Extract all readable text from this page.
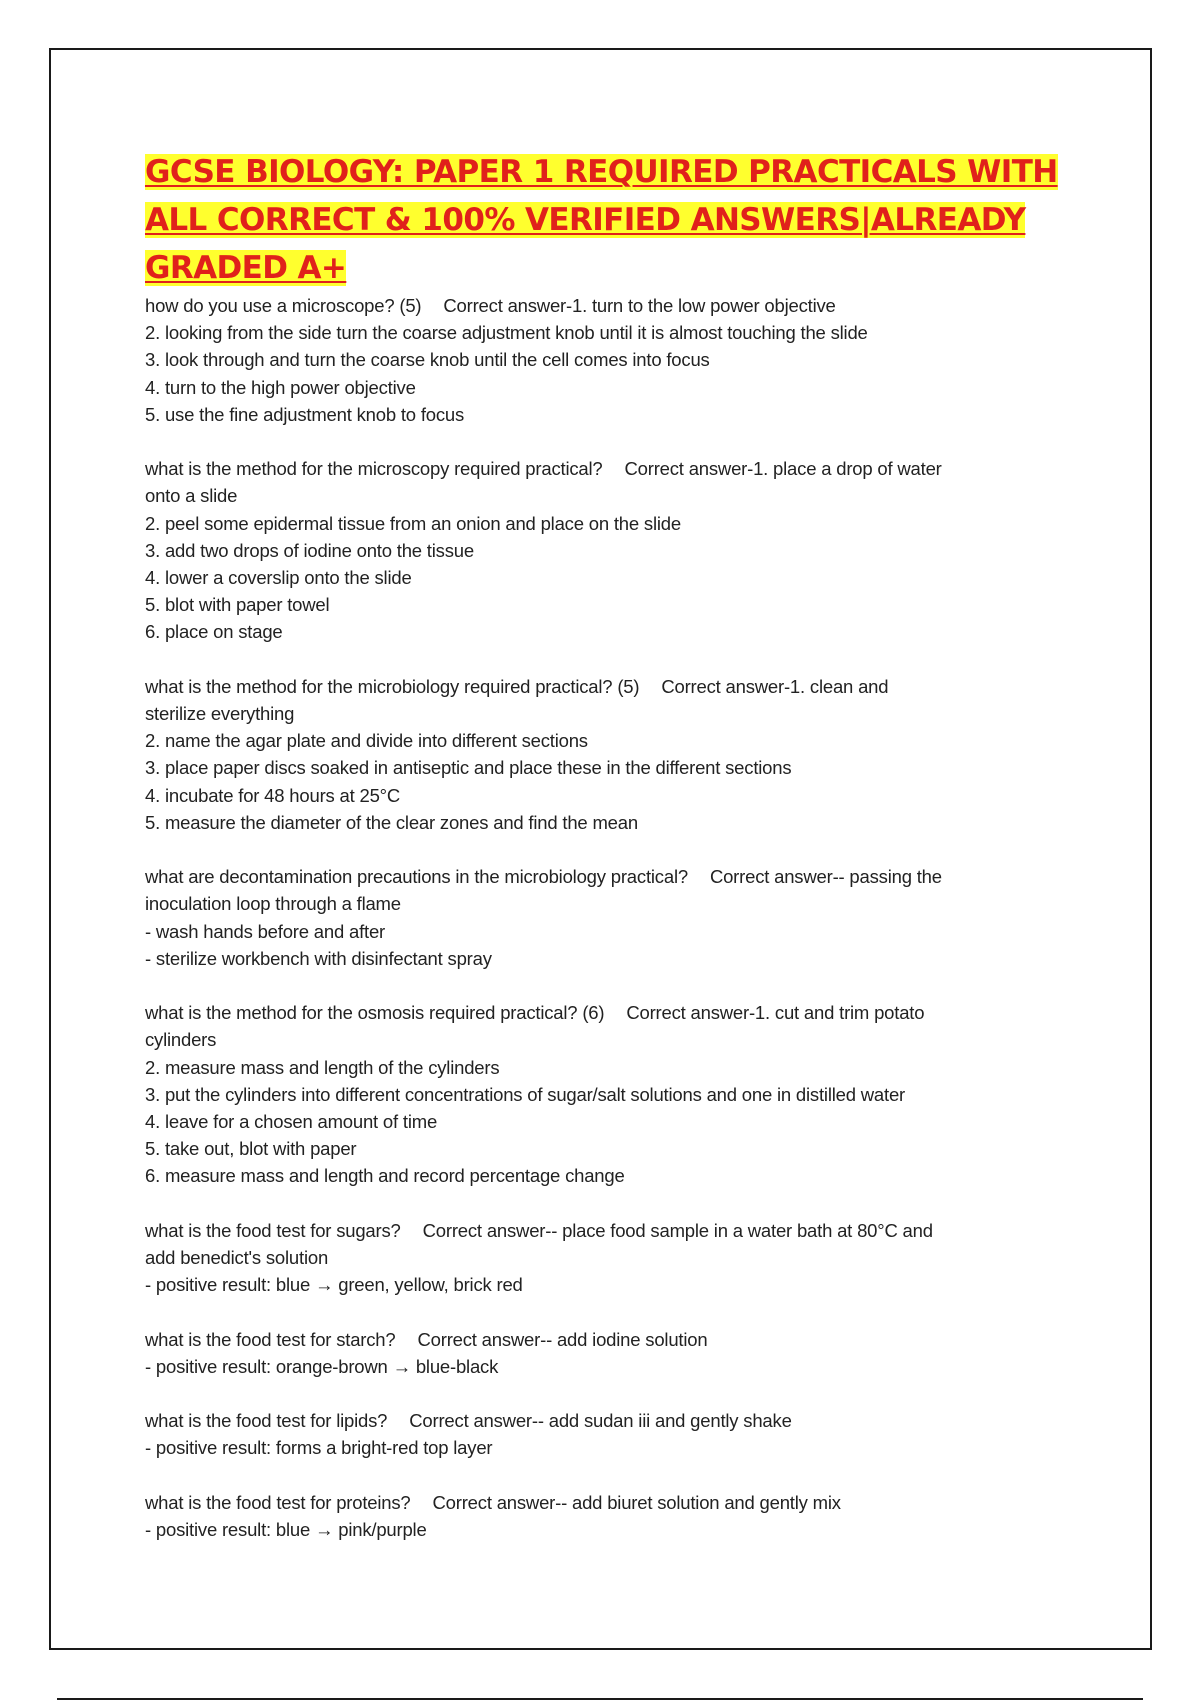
GCSE BIOLOGY: PAPER 1 REQUIRED PRACTICALS WITH
ALL CORRECT & 100% VERIFIED ANSWERS|ALREADY
GRADED A+

how do you use a microscope? (5) Correct answer-1. turn to the low power objective
2. looking from the side turn the coarse adjustment knob until it is almost touching the slide
3. look through and turn the coarse knob until the cell comes into focus
4. turn to the high power objective
5. use the fine adjustment knob to focus

what is the method for the microscopy required practical? Correct answer-1. place a drop of water
onto a slide
2. peel some epidermal tissue from an onion and place on the slide
3. add two drops of iodine onto the tissue
4. lower a coverslip onto the slide
5. blot with paper towel
6. place on stage

what is the method for the microbiology required practical? (5) Correct answer-1. clean and
sterilize everything
2. name the agar plate and divide into different sections
3. place paper discs soaked in antiseptic and place these in the different sections
4. incubate for 48 hours at 25°C
5. measure the diameter of the clear zones and find the mean

what are decontamination precautions in the microbiology practical? Correct answer-- passing the
inoculation loop through a flame
- wash hands before and after
- sterilize workbench with disinfectant spray

what is the method for the osmosis required practical? (6) Correct answer-1. cut and trim potato
cylinders
2. measure mass and length of the cylinders
3. put the cylinders into different concentrations of sugar/salt solutions and one in distilled water
4. leave for a chosen amount of time
5. take out, blot with paper
6. measure mass and length and record percentage change

what is the food test for sugars? Correct answer-- place food sample in a water bath at 80°C and
add benedict's solution
- positive result: blue → green, yellow, brick red

what is the food test for starch? Correct answer-- add iodine solution
- positive result: orange-brown → blue-black

what is the food test for lipids? Correct answer-- add sudan iii and gently shake
- positive result: forms a bright-red top layer

what is the food test for proteins? Correct answer-- add biuret solution and gently mix
- positive result: blue → pink/purple
